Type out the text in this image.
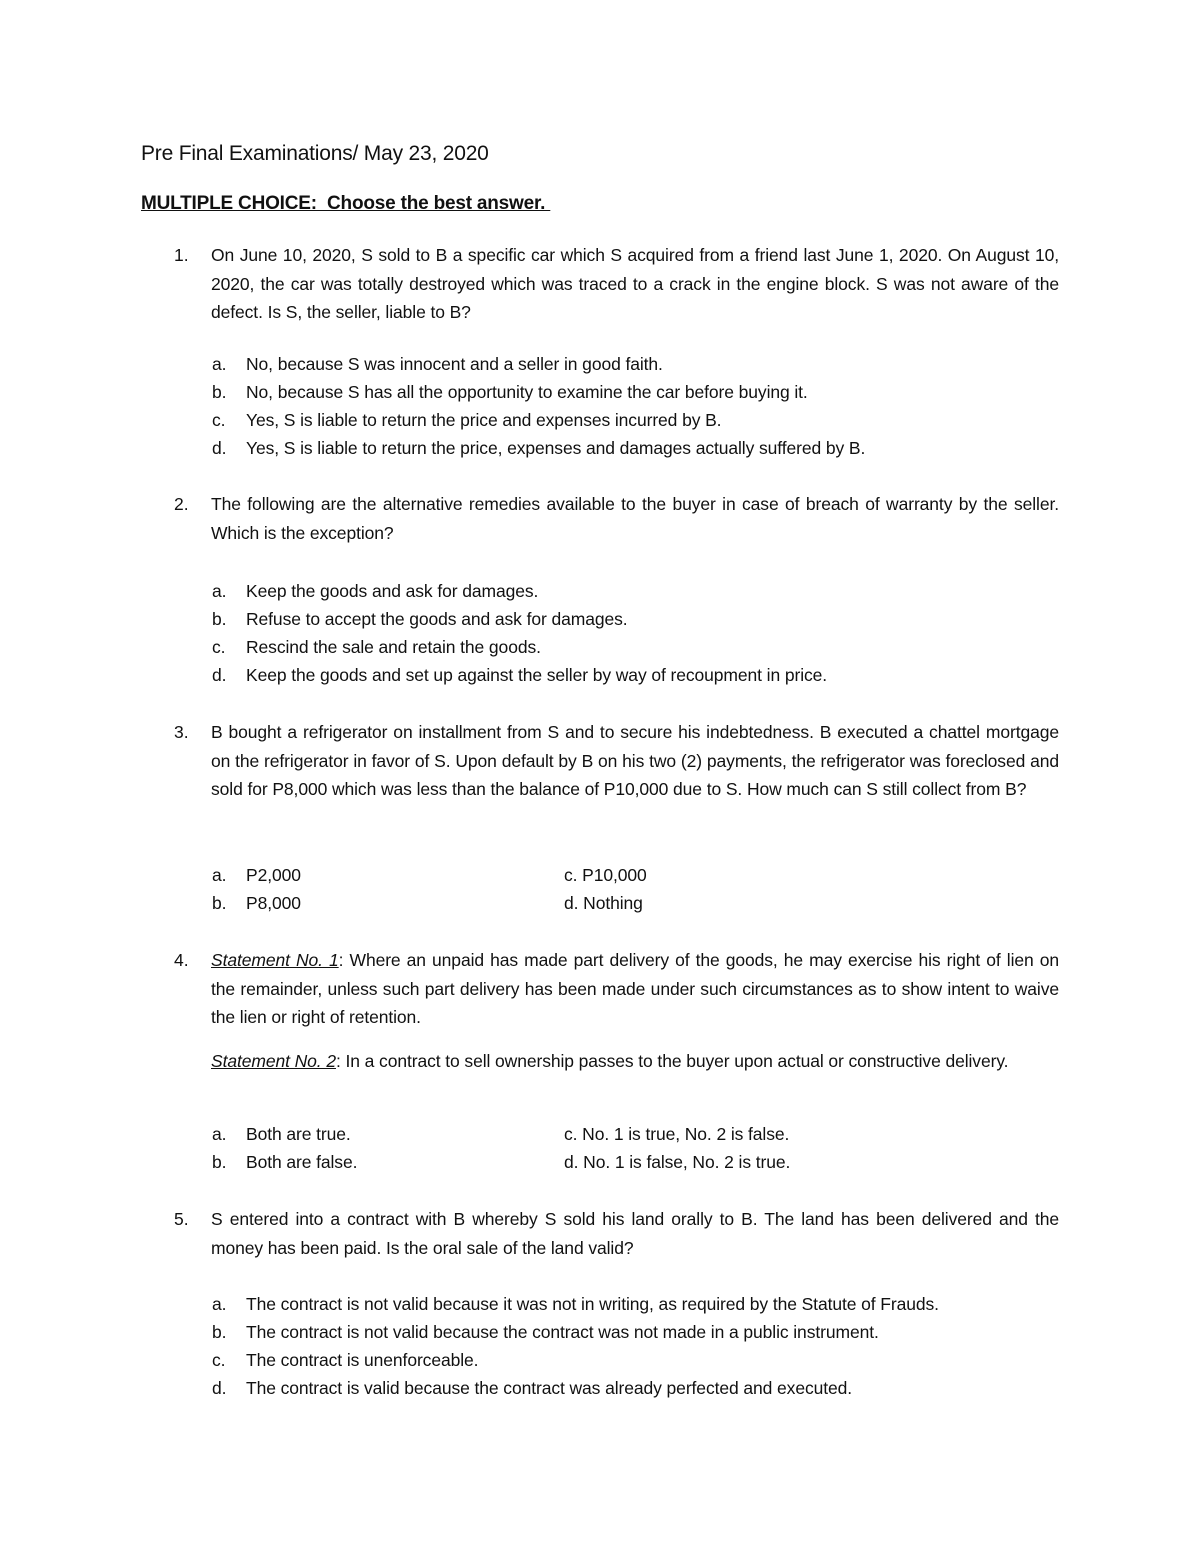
Pre Final Examinations/ May 23, 2020
MULTIPLE CHOICE:  Choose the best answer.
1. On June 10, 2020, S sold to B a specific car which S acquired from a friend last June 1, 2020. On August 10, 2020, the car was totally destroyed which was traced to a crack in the engine block. S was not aware of the defect. Is S, the seller, liable to B?
a. No, because S was innocent and a seller in good faith.
b. No, because S has all the opportunity to examine the car before buying it.
c. Yes, S is liable to return the price and expenses incurred by B.
d. Yes, S is liable to return the price, expenses and damages actually suffered by B.
2. The following are the alternative remedies available to the buyer in case of breach of warranty by the seller. Which is the exception?
a. Keep the goods and ask for damages.
b. Refuse to accept the goods and ask for damages.
c. Rescind the sale and retain the goods.
d. Keep the goods and set up against the seller by way of recoupment in price.
3. B bought a refrigerator on installment from S and to secure his indebtedness. B executed a chattel mortgage on the refrigerator in favor of S. Upon default by B on his two (2) payments, the refrigerator was foreclosed and sold for P8,000 which was less than the balance of P10,000 due to S. How much can S still collect from B?
a. P2,000	c. P10,000
b. P8,000	d. Nothing
4. Statement No. 1: Where an unpaid has made part delivery of the goods, he may exercise his right of lien on the remainder, unless such part delivery has been made under such circumstances as to show intent to waive the lien or right of retention.
Statement No. 2: In a contract to sell ownership passes to the buyer upon actual or constructive delivery.
a. Both are true.	c. No. 1 is true, No. 2 is false.
b. Both are false.	d. No. 1 is false, No. 2 is true.
5. S entered into a contract with B whereby S sold his land orally to B. The land has been delivered and the money has been paid. Is the oral sale of the land valid?
a. The contract is not valid because it was not in writing, as required by the Statute of Frauds.
b. The contract is not valid because the contract was not made in a public instrument.
c. The contract is unenforceable.
d. The contract is valid because the contract was already perfected and executed.
